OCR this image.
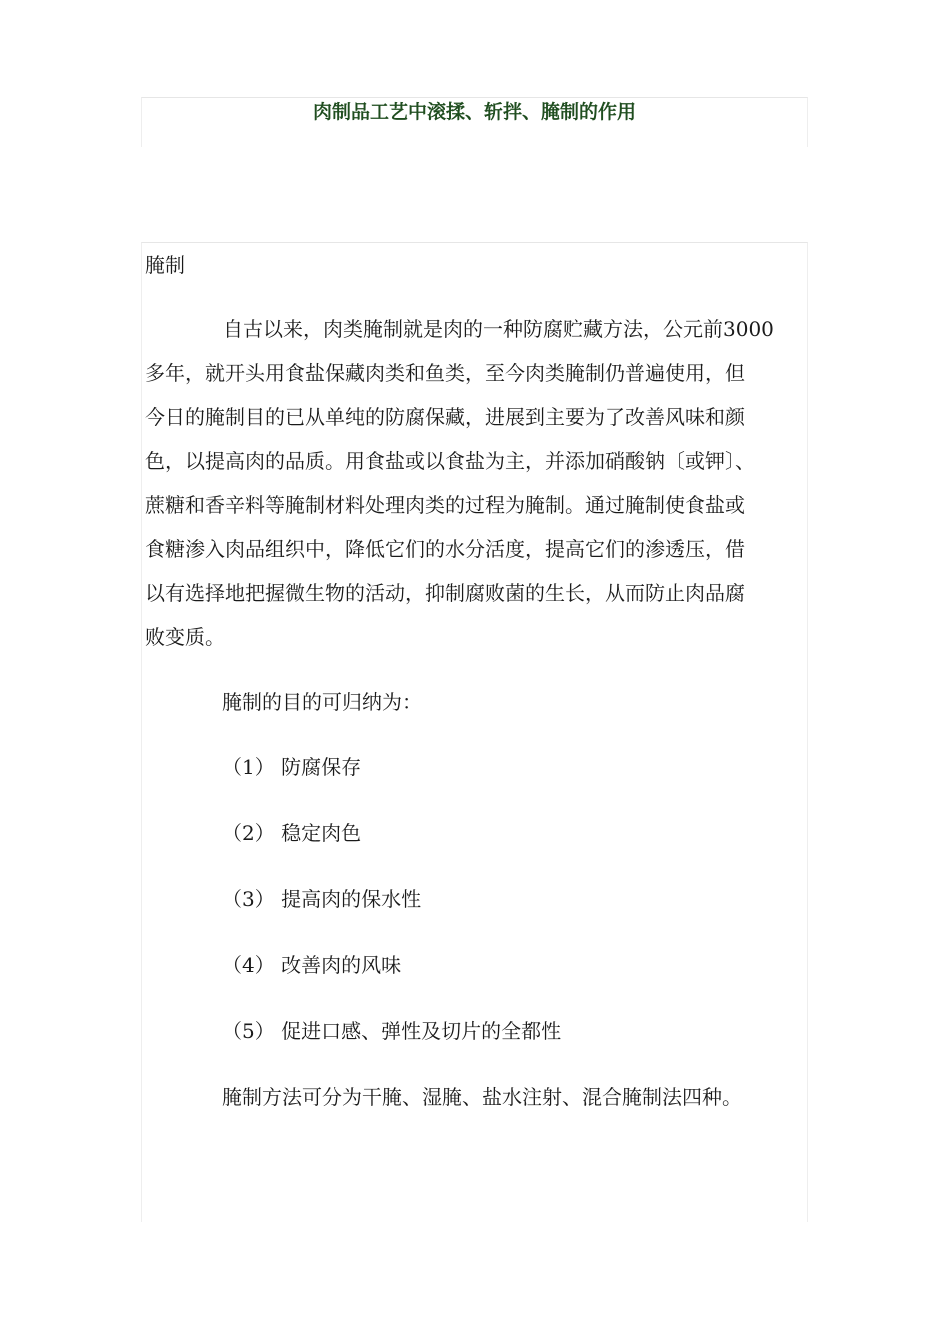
肉制品工艺中滚揉、斩拌、腌制的作用
腌制
自古以来，肉类腌制就是肉的一种防腐贮藏方法，公元前3000
多年，就开头用食盐保藏肉类和鱼类，至今肉类腌制仍普遍使用，但
今日的腌制目的已从单纯的防腐保藏，进展到主要为了改善风味和颜
色，以提高肉的品质。用食盐或以食盐为主，并添加硝酸钠〔或钾〕、
蔗糖和香辛料等腌制材料处理肉类的过程为腌制。通过腌制使食盐或
食糖渗入肉品组织中，降低它们的水分活度，提高它们的渗透压，借
以有选择地把握微生物的活动，抑制腐败菌的生长，从而防止肉品腐
败变质。
腌制的目的可归纳为：
（1） 防腐保存
（2） 稳定肉色
（3） 提高肉的保水性
（4） 改善肉的风味
（5） 促进口感、弹性及切片的全都性
腌制方法可分为干腌、湿腌、盐水注射、混合腌制法四种。
